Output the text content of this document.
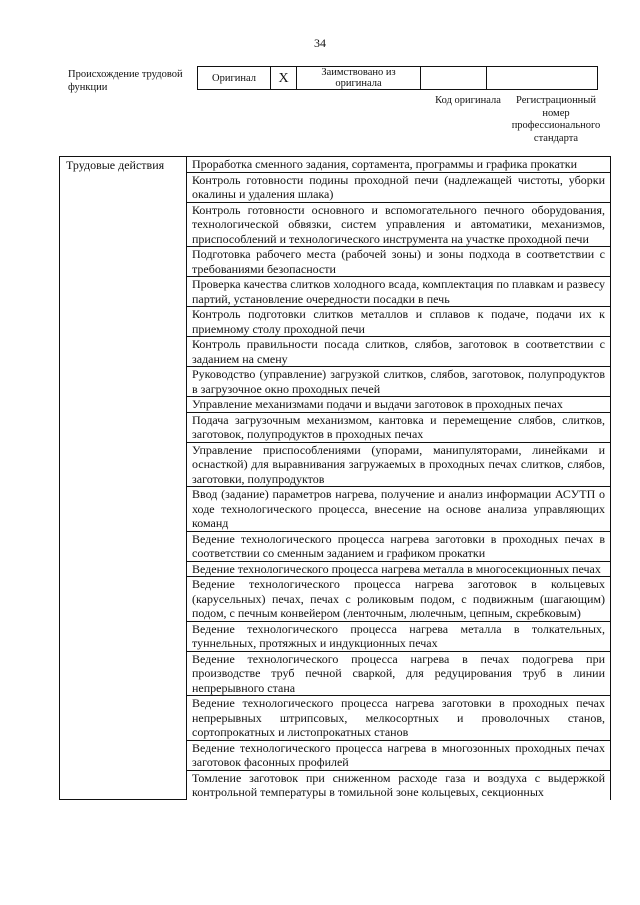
34
Происхождение трудовой функции
Оригинал	X	Заимствовано из оригинала		
Код оригинала	Регистрационный номер профессионального стандарта
Трудовые действия	Проработка сменного задания, сортамента, программы и графика прокатки
Контроль готовности подины проходной печи (надлежащей чистоты, уборки окалины и удаления шлака)
Контроль готовности основного и вспомогательного печного оборудования, технологической обвязки, систем управления и автоматики, механизмов, приспособлений и технологического инструмента на участке проходной печи
Подготовка рабочего места (рабочей зоны) и зоны подхода в соответствии с требованиями безопасности
Проверка качества слитков холодного всада, комплектация по плавкам и развесу партий, установление очередности посадки в печь
Контроль подготовки слитков металлов и сплавов к подаче, подачи их к приемному столу проходной печи
Контроль правильности посада слитков, слябов, заготовок в соответствии с заданием на смену
Руководство (управление) загрузкой слитков, слябов, заготовок, полупродуктов в загрузочное окно проходных печей
Управление механизмами подачи и выдачи заготовок в проходных печах
Подача загрузочным механизмом, кантовка и перемещение слябов, слитков, заготовок, полупродуктов в проходных печах
Управление приспособлениями (упорами, манипуляторами, линейками и оснасткой) для выравнивания загружаемых в проходных печах слитков, слябов, заготовки, полупродуктов
Ввод (задание) параметров нагрева, получение и анализ информации АСУТП о ходе технологического процесса, внесение на основе анализа управляющих команд
Ведение технологического процесса нагрева заготовки в проходных печах в соответствии со сменным заданием и графиком прокатки
Ведение технологического процесса нагрева металла в многосекционных печах
Ведение технологического процесса нагрева заготовок в кольцевых (карусельных) печах, печах с роликовым подом, с подвижным (шагающим) подом, с печным конвейером (ленточным, люлечным, цепным, скребковым)
Ведение технологического процесса нагрева металла в толкательных, туннельных, протяжных и индукционных печах
Ведение технологического процесса нагрева в печах подогрева при производстве труб печной сваркой, для редуцирования труб в линии непрерывного стана
Ведение технологического процесса нагрева заготовки в проходных печах непрерывных штрипсовых, мелкосортных и проволочных станов, сортопрокатных и листопрокатных станов
Ведение технологического процесса нагрева в многозонных проходных печах заготовок фасонных профилей
Томление заготовок при сниженном расходе газа и воздуха с выдержкой контрольной температуры в томильной зоне кольцевых, секционных
